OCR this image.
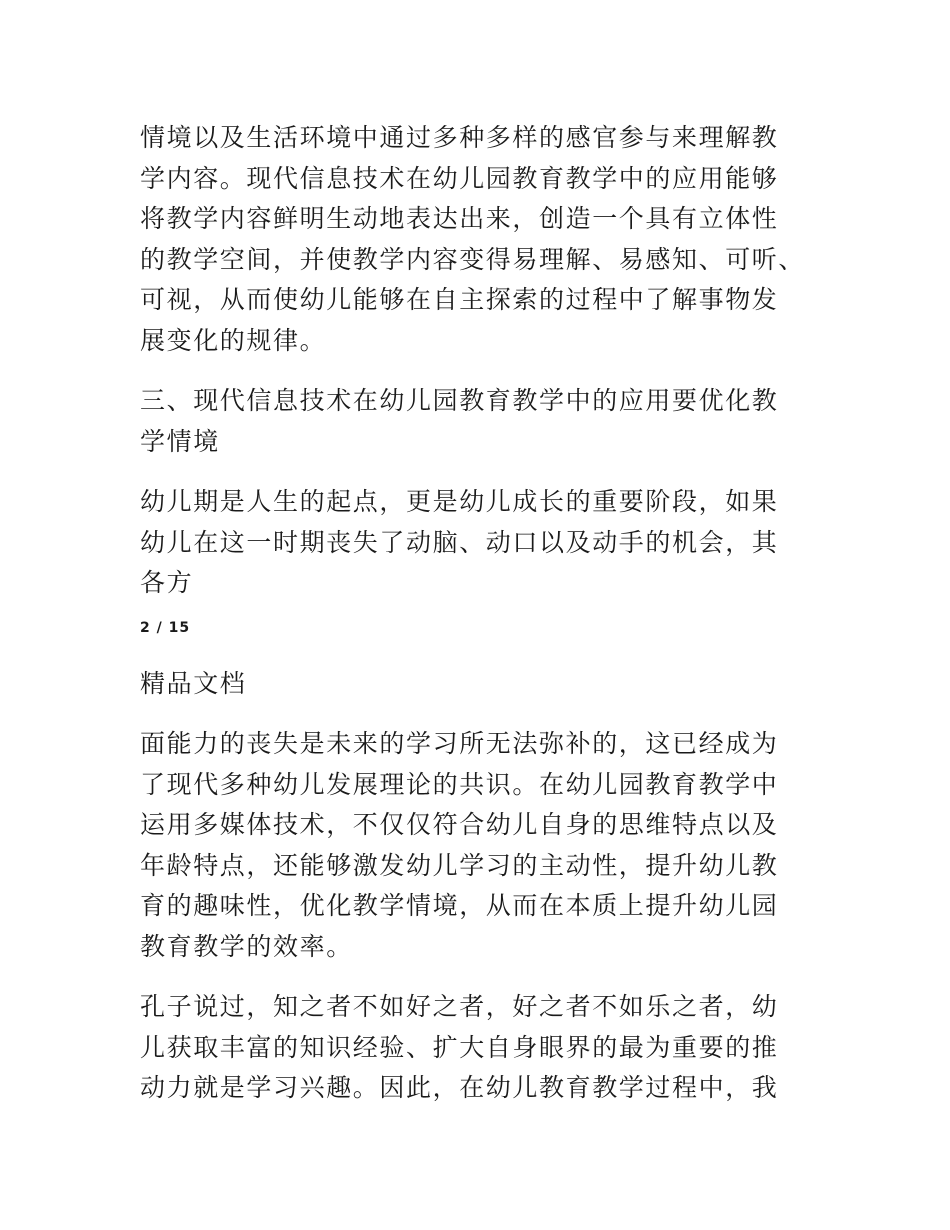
情境以及生活环境中通过多种多样的感官参与来理解教
学内容。现代信息技术在幼儿园教育教学中的应用能够
将教学内容鲜明生动地表达出来，创造一个具有立体性
的教学空间，并使教学内容变得易理解、易感知、可听、
可视，从而使幼儿能够在自主探索的过程中了解事物发
展变化的规律。

三、现代信息技术在幼儿园教育教学中的应用要优化教
学情境

幼儿期是人生的起点，更是幼儿成长的重要阶段，如果
幼儿在这一时期丧失了动脑、动口以及动手的机会，其
各方

2 / 15
精品文档

面能力的丧失是未来的学习所无法弥补的，这已经成为
了现代多种幼儿发展理论的共识。在幼儿园教育教学中
运用多媒体技术，不仅仅符合幼儿自身的思维特点以及
年龄特点，还能够激发幼儿学习的主动性，提升幼儿教
育的趣味性，优化教学情境，从而在本质上提升幼儿园
教育教学的效率。

孔子说过，知之者不如好之者，好之者不如乐之者，幼
儿获取丰富的知识经验、扩大自身眼界的最为重要的推
动力就是学习兴趣。因此，在幼儿教育教学过程中，我
